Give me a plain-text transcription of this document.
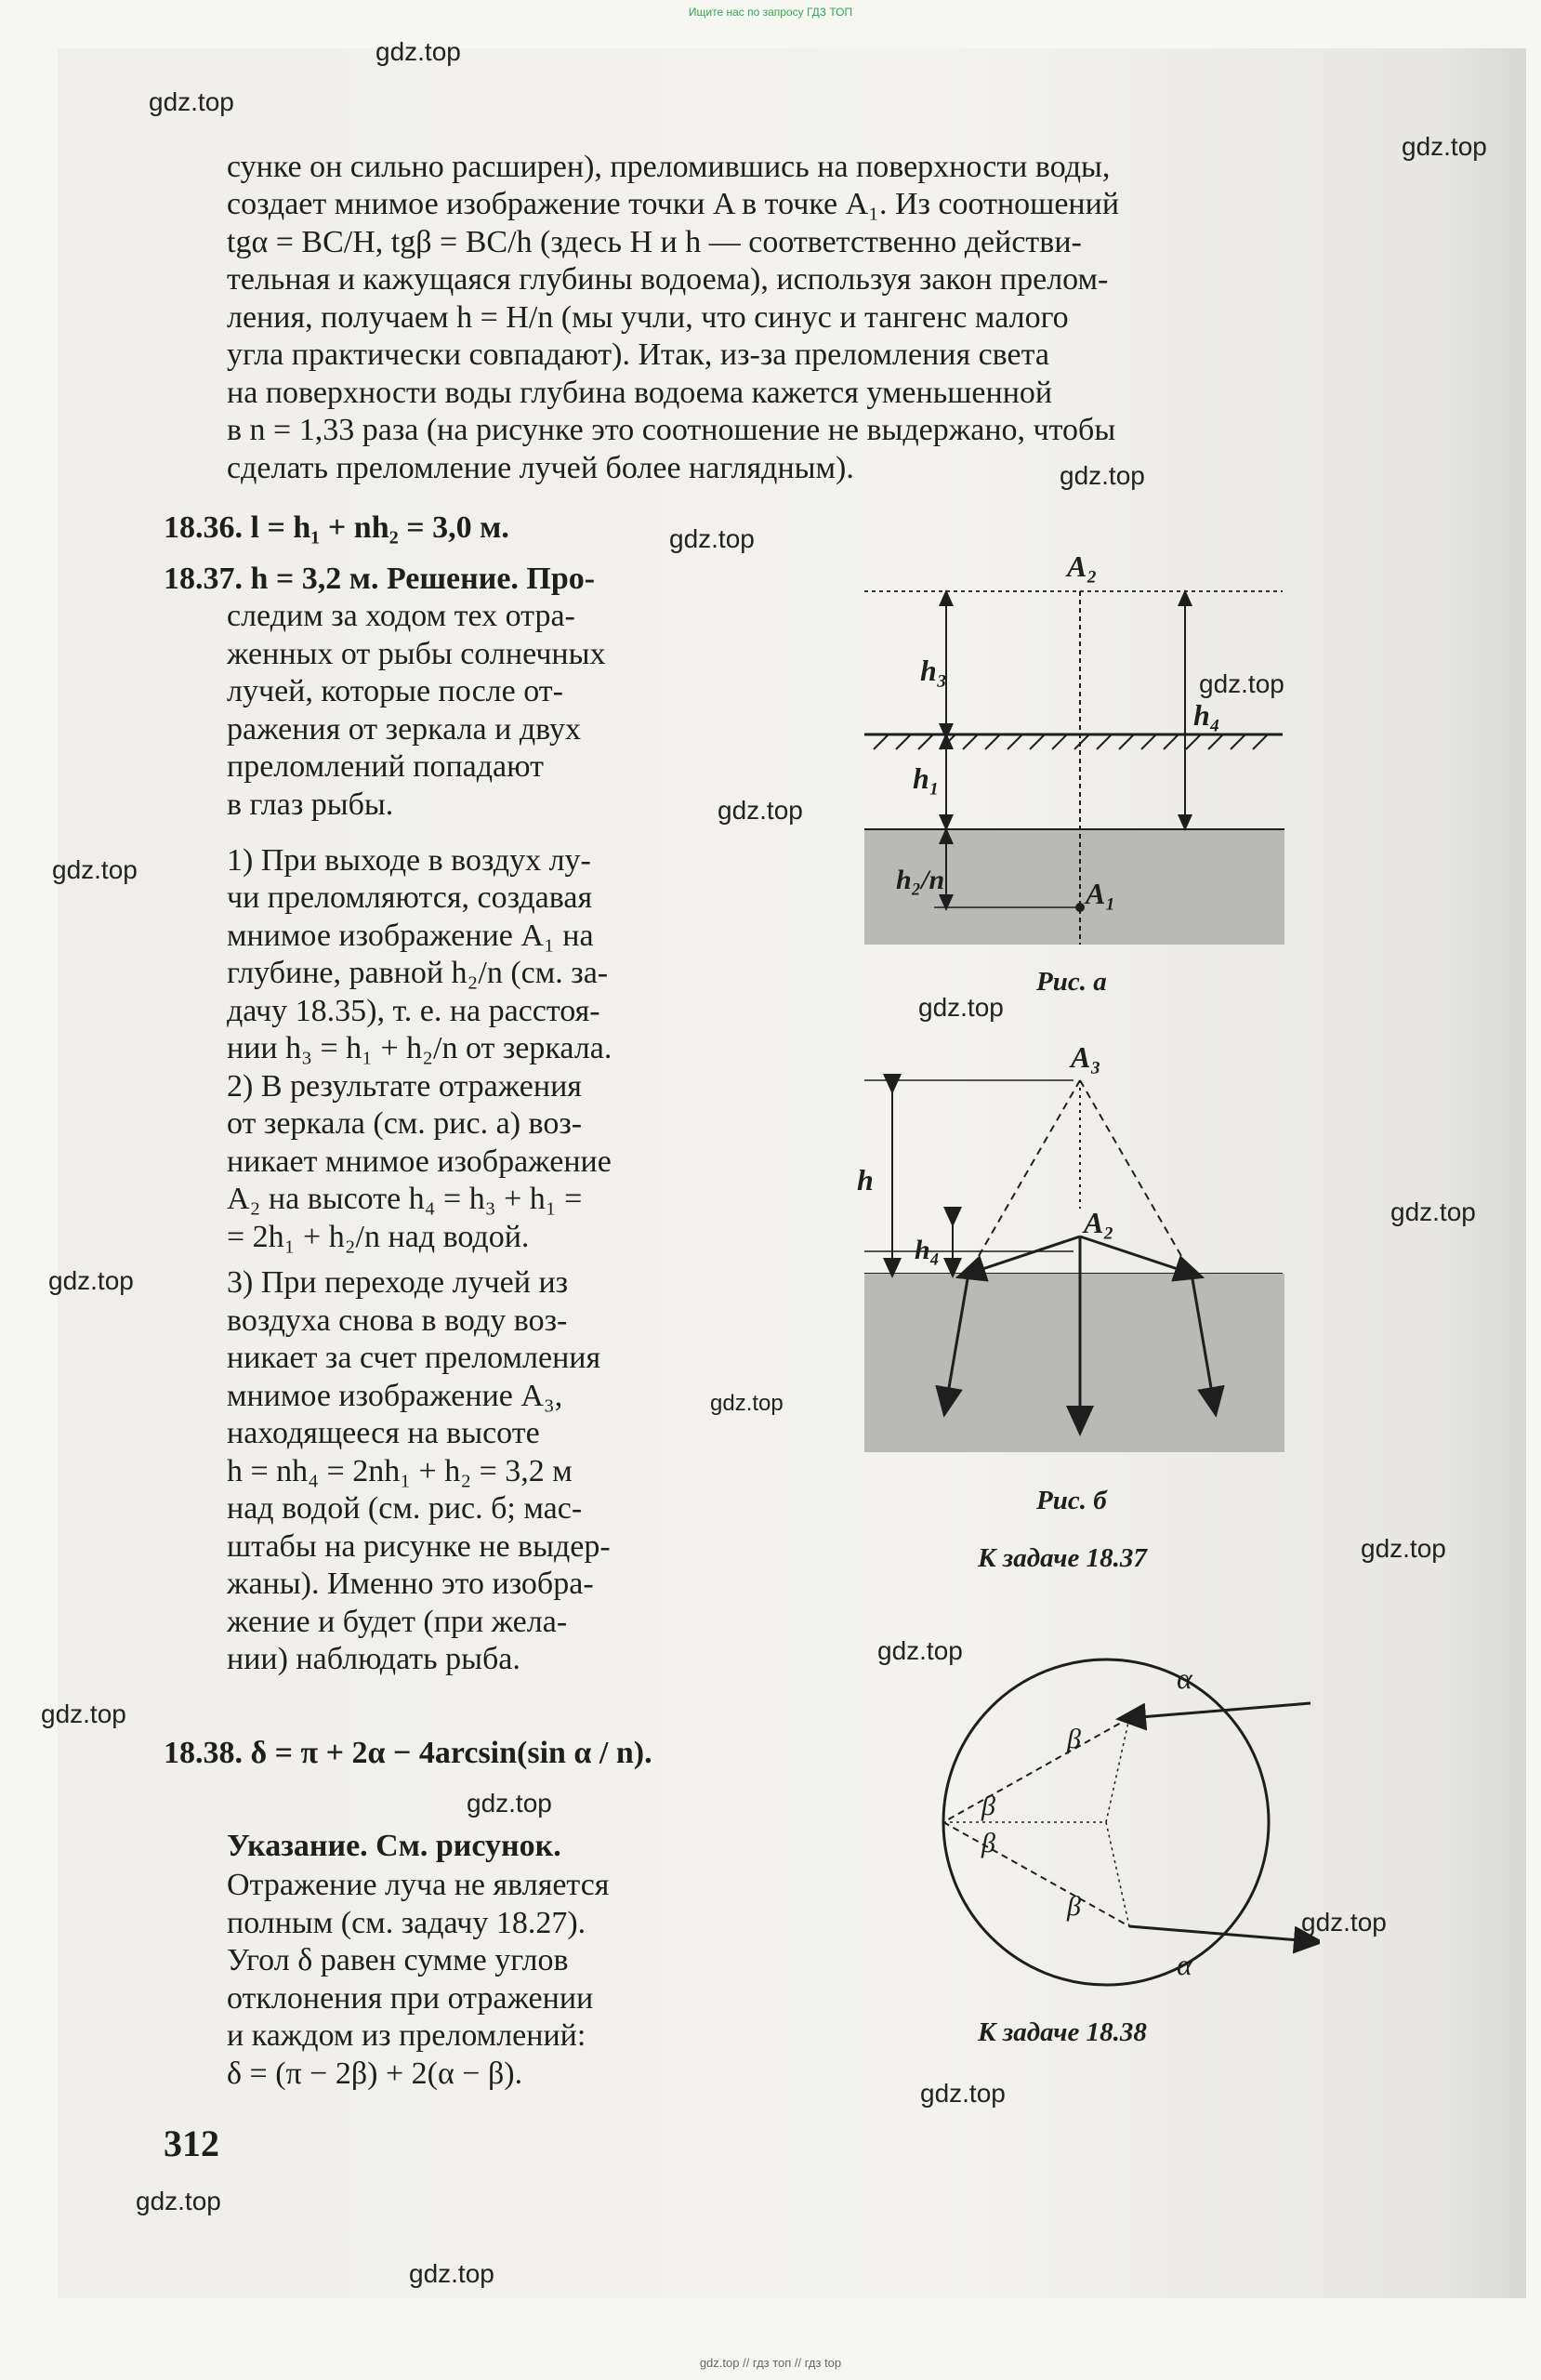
Ищите нас по запросу ГДЗ ТОП
gdz.top // гдз топ // гдз top
gdz.top
gdz.top
gdz.top
gdz.top
gdz.top
gdz.top
gdz.top
gdz.top
gdz.top
gdz.top
gdz.top
gdz.top
gdz.top
gdz.top
gdz.top
gdz.top
gdz.top
gdz.top
gdz.top
gdz.top
сунке он сильно расширен), преломившись на поверхности воды,
создает мнимое изображение точки A в точке A₁. Из соотношений
tgα = BC/H, tgβ = BC/h (здесь H и h — соответственно действи-
тельная и кажущаяся глубины водоема), используя закон прелом-
ления, получаем h = H/n (мы учли, что синус и тангенс малого
угла практически совпадают). Итак, из-за преломления света
на поверхности воды глубина водоема кажется уменьшенной
в n = 1,33 раза (на рисунке это соотношение не выдержано, чтобы
сделать преломление лучей более наглядным).
18.36. l = h₁ + nh₂ = 3,0 м.
18.37. h = 3,2 м. Решение. Про-
следим за ходом тех отра-
женных от рыбы солнечных
лучей, которые после от-
ражения от зеркала и двух
преломлений попадают
в глаз рыбы.
1) При выходе в воздух лу-
чи преломляются, создавая
мнимое изображение A₁ на
глубине, равной h₂/n (см. за-
дачу 18.35), т. е. на расстоя-
нии h₃ = h₁ + h₂/n от зеркала.
2) В результате отражения
от зеркала (см. рис. а) воз-
никает мнимое изображение
A₂ на высоте h₄ = h₃ + h₁ =
= 2h₁ + h₂/n над водой.
3) При переходе лучей из
воздуха снова в воду воз-
никает за счет преломления
мнимое изображение A₃,
находящееся на высоте
h = nh₄ = 2nh₁ + h₂ = 3,2 м
над водой (см. рис. б; мас-
штабы на рисунке не выдер-
жаны). Именно это изобра-
жение и будет (при жела-
нии) наблюдать рыба.
18.38. δ = π + 2α − 4arcsin(sin α / n).
Указание. См. рисунок.
Отражение луча не является
полным (см. задачу 18.27).
Угол δ равен сумме углов
отклонения при отражении
и каждом из преломлений:
δ = (π − 2β) + 2(α − β).
312
A₂
A₁
h₃
h₄
h₁
h₂/n
Рис. а
A₃
A₂
h
h₄
Рис. б
К задаче 18.37
α
α
β
β
β
β
К задаче 18.38
